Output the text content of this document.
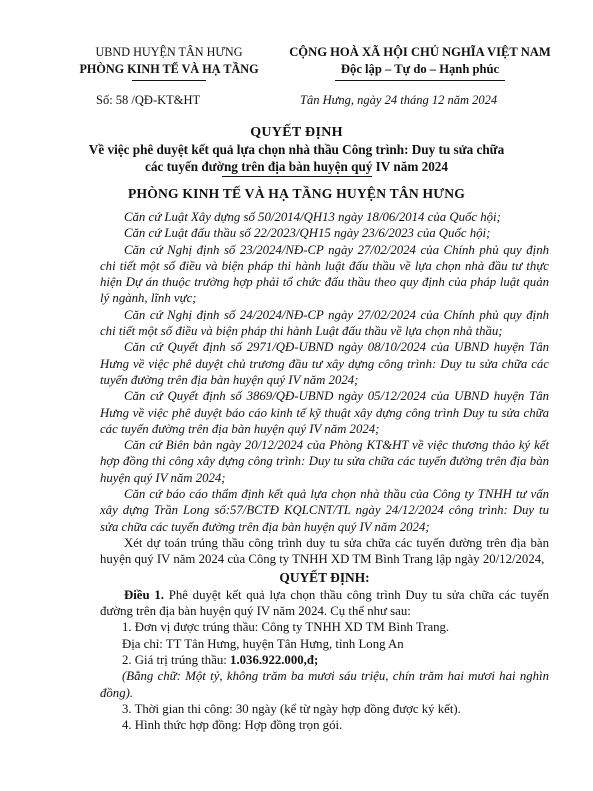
UBND HUYỆN TÂN HƯNG
PHÒNG KINH TẾ VÀ HẠ TẦNG
CỘNG HOÀ XÃ HỘI CHỦ NGHĨA VIỆT NAM
Độc lập – Tự do – Hạnh phúc
Số: 58 /QĐ-KT&HT	Tân Hưng, ngày 24 tháng 12 năm 2024
QUYẾT ĐỊNH
Về việc phê duyệt kết quả lựa chọn nhà thầu Công trình: Duy tu sửa chữa
các tuyến đường trên địa bàn huyện quý IV năm 2024
PHÒNG KINH TẾ VÀ HẠ TẦNG HUYỆN TÂN HƯNG

Căn cứ Luật Xây dựng số 50/2014/QH13 ngày 18/06/2014 của Quốc hội;

Căn cứ Luật đấu thầu số 22/2023/QH15 ngày 23/6/2023 của Quốc hội;

Căn cứ Nghị định số 23/2024/NĐ-CP ngày 27/02/2024 của Chính phủ quy định chi tiết một số điều và biện pháp thi hành luật đấu thầu về lựa chọn nhà đầu tư thực hiện Dự án thuộc trường hợp phải tổ chức đấu thầu theo quy định của pháp luật quản lý ngành, lĩnh vực;

Căn cứ Nghị định số 24/2024/NĐ-CP ngày 27/02/2024 của Chính phủ quy định chi tiết một số điều và biện pháp thi hành Luật đấu thầu về lựa chọn nhà thầu;

Căn cứ Quyết định số 2971/QĐ-UBND ngày 08/10/2024 của UBND huyện Tân Hưng về việc phê duyệt chủ trương đầu tư xây dựng công trình: Duy tu sửa chữa các tuyến đường trên địa bàn huyện quý IV năm 2024;

Căn cứ Quyết định số 3869/QĐ-UBND ngày 05/12/2024 của UBND huyện Tân Hưng về việc phê duyệt báo cáo kinh tế kỹ thuật xây dựng công trình Duy tu sửa chữa các tuyến đường trên địa bàn huyện quý IV năm 2024;

Căn cứ Biên bản ngày 20/12/2024 của Phòng KT&HT về việc thương thảo ký kết hợp đồng thi công xây dựng công trình: Duy tu sửa chữa các tuyến đường trên địa bàn huyện quý IV năm 2024;

Căn cứ báo cáo thẩm định kết quả lựa chọn nhà thầu của Công ty TNHH tư vấn xây dựng Trần Long số:57/BCTĐ KQLCNT/TL ngày 24/12/2024 công trình: Duy tu sửa chữa các tuyến đường trên địa bàn huyện quý IV năm 2024;

Xét dự toán trúng thầu công trình duy tu sửa chữa các tuyến đường trên địa bàn huyện quý IV năm 2024 của Công ty TNHH XD TM Bình Trang lập ngày 20/12/2024,

QUYẾT ĐỊNH:

Điều 1. Phê duyệt kết quả lựa chọn thầu công trình Duy tu sửa chữa các tuyến đường trên địa bàn huyện quý IV năm 2024. Cụ thể như sau:

1. Đơn vị được trúng thầu: Công ty TNHH XD TM Bình Trang.

Địa chỉ: TT Tân Hưng, huyện Tân Hưng, tỉnh Long An

2. Giá trị trúng thầu: 1.036.922.000,đ;

(Bằng chữ: Một tỷ, không trăm ba mươi sáu triệu, chín trăm hai mươi hai nghìn đồng).

3. Thời gian thi công: 30 ngày (kể từ ngày hợp đồng được ký kết).

4. Hình thức hợp đồng: Hợp đồng trọn gói.
